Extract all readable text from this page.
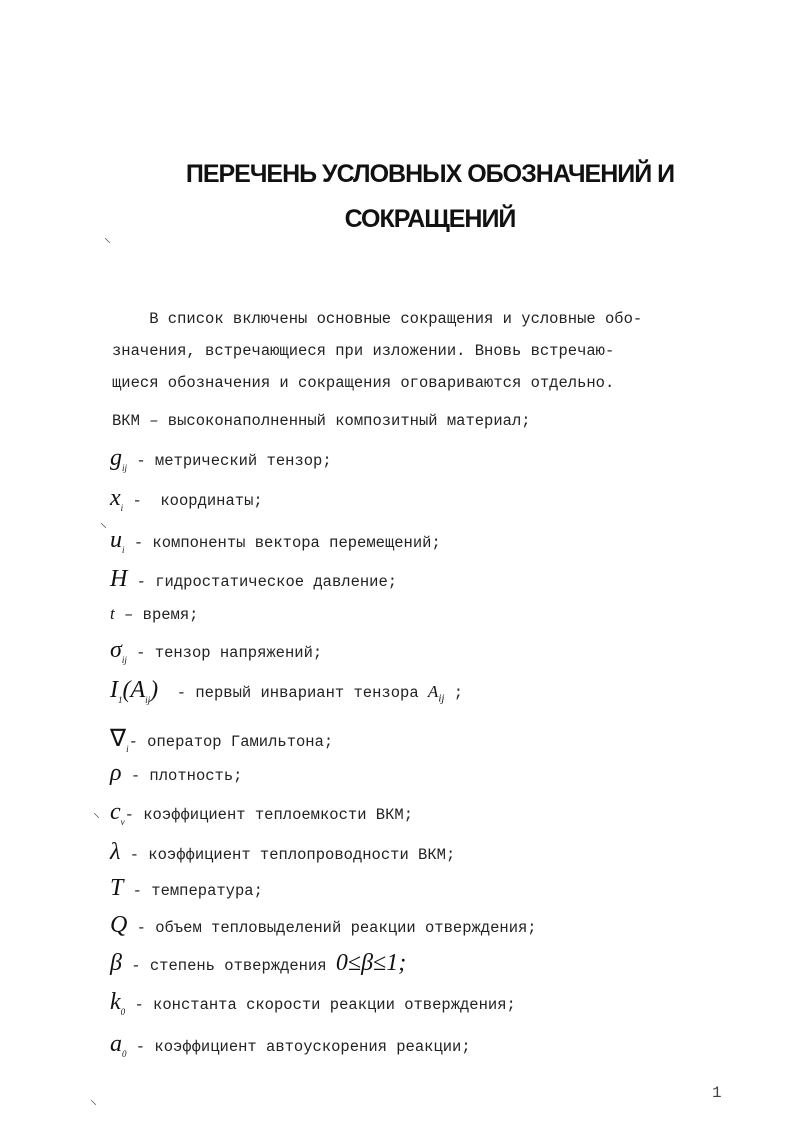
ПЕРЕЧЕНЬ УСЛОВНЫХ ОБОЗНАЧЕНИЙ И
СОКРАЩЕНИЙ
⸜
В список включены основные сокращения и условные обо-
значения, встречающиеся при изложении. Вновь встречаю-
щиеся обозначения и сокращения оговариваются отдельно.
ВКМ – высоконаполненный композитный материал;
$g_{ij}$ - метрический тензор;
$x_i$ -  координаты;
⸜
$u_i$ - компоненты вектора перемещений;
H - гидростатическое давление;
t – время;
$\sigma_{ij}$ - тензор напряжений;
$I_1(A_{ij})$  - первый инвариант тензора $A_{ij}$ ;
$\nabla_i-$ оператор Гамильтона;
ρ - плотность;
⸜ $c_v-$ коэффициент теплоемкости ВКМ;
λ - коэффициент теплопроводности ВКМ;
T - температура;
Q - объем тепловыделений реакции отверждения;
β - степень отверждения 0≤β≤1;
$k_0$ - константа скорости реакции отверждения;
$a_0$ - коэффициент автоускорения реакции;
⸜	1
